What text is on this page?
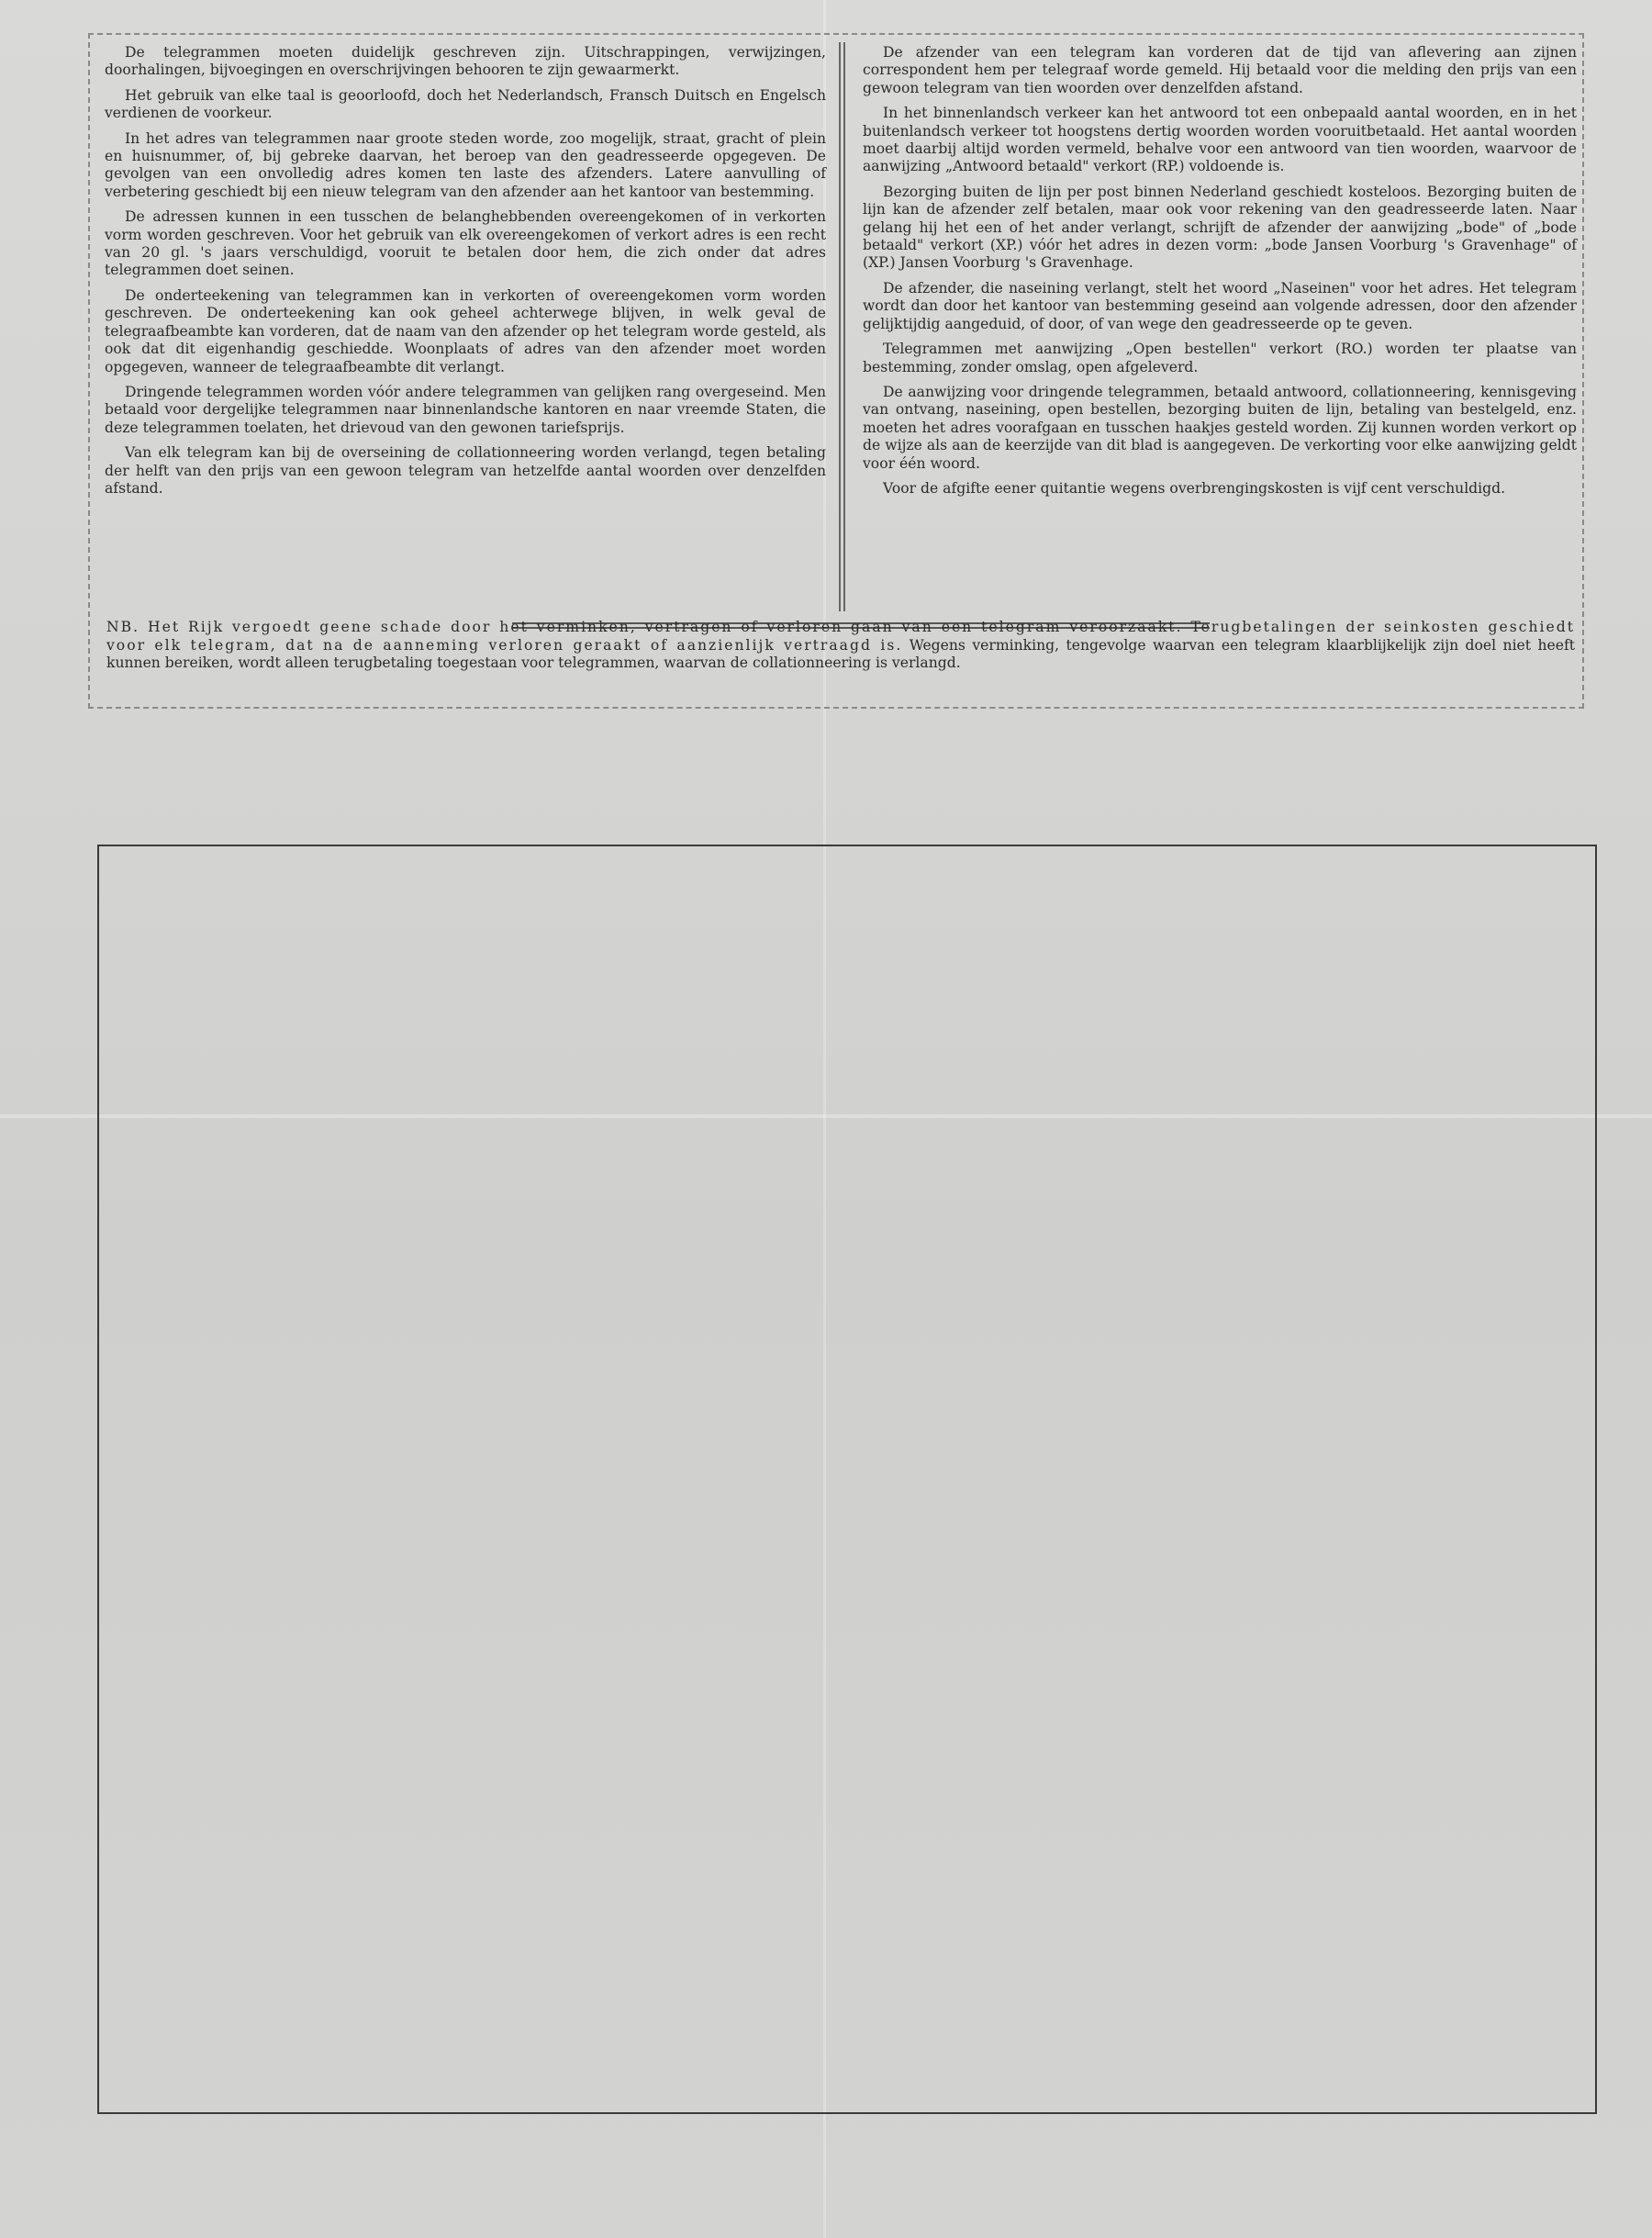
De telegrammen moeten duidelijk geschreven zijn. Uitschrappingen, verwijzingen, doorhalingen, bijvoegingen en overschrijvingen behooren te zijn gewaarmerkt.

Het gebruik van elke taal is geoorloofd, doch het Nederlandsch, Fransch Duitsch en Engelsch verdienen de voorkeur.

In het adres van telegrammen naar groote steden worde, zoo mogelijk, straat, gracht of plein en huisnummer, of, bij gebreke daarvan, het beroep van den geadresseerde opgegeven. De gevolgen van een onvolledig adres komen ten laste des afzenders. Latere aanvulling of verbetering geschiedt bij een nieuw telegram van den afzender aan het kantoor van bestemming.

De adressen kunnen in een tusschen de belanghebbenden overeengekomen of in verkorten vorm worden geschreven. Voor het gebruik van elk overeengekomen of verkort adres is een recht van 20 gl. 's jaars verschuldigd, vooruit te betalen door hem, die zich onder dat adres telegrammen doet seinen.

De onderteekening van telegrammen kan in verkorten of overeengekomen vorm worden geschreven. De onderteekening kan ook geheel achterwege blijven, in welk geval de telegraafbeambte kan vorderen, dat de naam van den afzender op het telegram worde gesteld, als ook dat dit eigenhandig geschiedde. Woonplaats of adres van den afzender moet worden opgegeven, wanneer de telegraafbeambte dit verlangt.

Dringende telegrammen worden vóór andere telegrammen van gelijken rang overgeseind. Men betaald voor dergelijke telegrammen naar binnenlandsche kantoren en naar vreemde Staten, die deze telegrammen toelaten, het drievoud van den gewonen tariefsprijs.

Van elk telegram kan bij de overseining de collationneering worden verlangd, tegen betaling der helft van den prijs van een gewoon telegram van hetzelfde aantal woorden over denzelfden afstand.

De afzender van een telegram kan vorderen dat de tijd van aflevering aan zijnen correspondent hem per telegraaf worde gemeld. Hij betaald voor die melding den prijs van een gewoon telegram van tien woorden over denzelfden afstand.

In het binnenlandsch verkeer kan het antwoord tot een onbepaald aantal woorden, en in het buitenlandsch verkeer tot hoogstens dertig woorden worden vooruitbetaald. Het aantal woorden moet daarbij altijd worden vermeld, behalve voor een antwoord van tien woorden, waarvoor de aanwijzing „Antwoord betaald" verkort (RP.) voldoende is.

Bezorging buiten de lijn per post binnen Nederland geschiedt kosteloos. Bezorging buiten de lijn kan de afzender zelf betalen, maar ook voor rekening van den geadresseerde laten. Naar gelang hij het een of het ander verlangt, schrijft de afzender der aanwijzing „bode" of „bode betaald" verkort (XP.) vóór het adres in dezen vorm: „bode Jansen Voorburg 's Gravenhage" of (XP.) Jansen Voorburg 's Gravenhage.

De afzender, die naseining verlangt, stelt het woord „Naseinen" voor het adres. Het telegram wordt dan door het kantoor van bestemming geseind aan volgende adressen, door den afzender gelijktijdig aangeduid, of door, of van wege den geadresseerde op te geven.

Telegrammen met aanwijzing „Open bestellen" verkort (RO.) worden ter plaatse van bestemming, zonder omslag, open afgeleverd.

De aanwijzing voor dringende telegrammen, betaald antwoord, collationneering, kennisgeving van ontvang, naseining, open bestellen, bezorging buiten de lijn, betaling van bestelgeld, enz. moeten het adres voorafgaan en tusschen haakjes gesteld worden. Zij kunnen worden verkort op de wijze als aan de keerzijde van dit blad is aangegeven. De verkorting voor elke aanwijzing geldt voor één woord.

Voor de afgifte eener quitantie wegens overbrengingskosten is vijf cent verschuldigd.

NB. Het Rijk vergoedt geene schade door het verminken, vertragen of verloren gaan van een telegram veroorzaakt. Terugbetalingen der seinkosten geschiedt voor elk telegram, dat na de aanneming verloren geraakt of aanzienlijk vertraagd is. Wegens verminking, tengevolge waarvan een telegram klaarblijkelijk zijn doel niet heeft kunnen bereiken, wordt alleen terugbetaling toegestaan voor telegrammen, waarvan de collationneering is verlangd.
